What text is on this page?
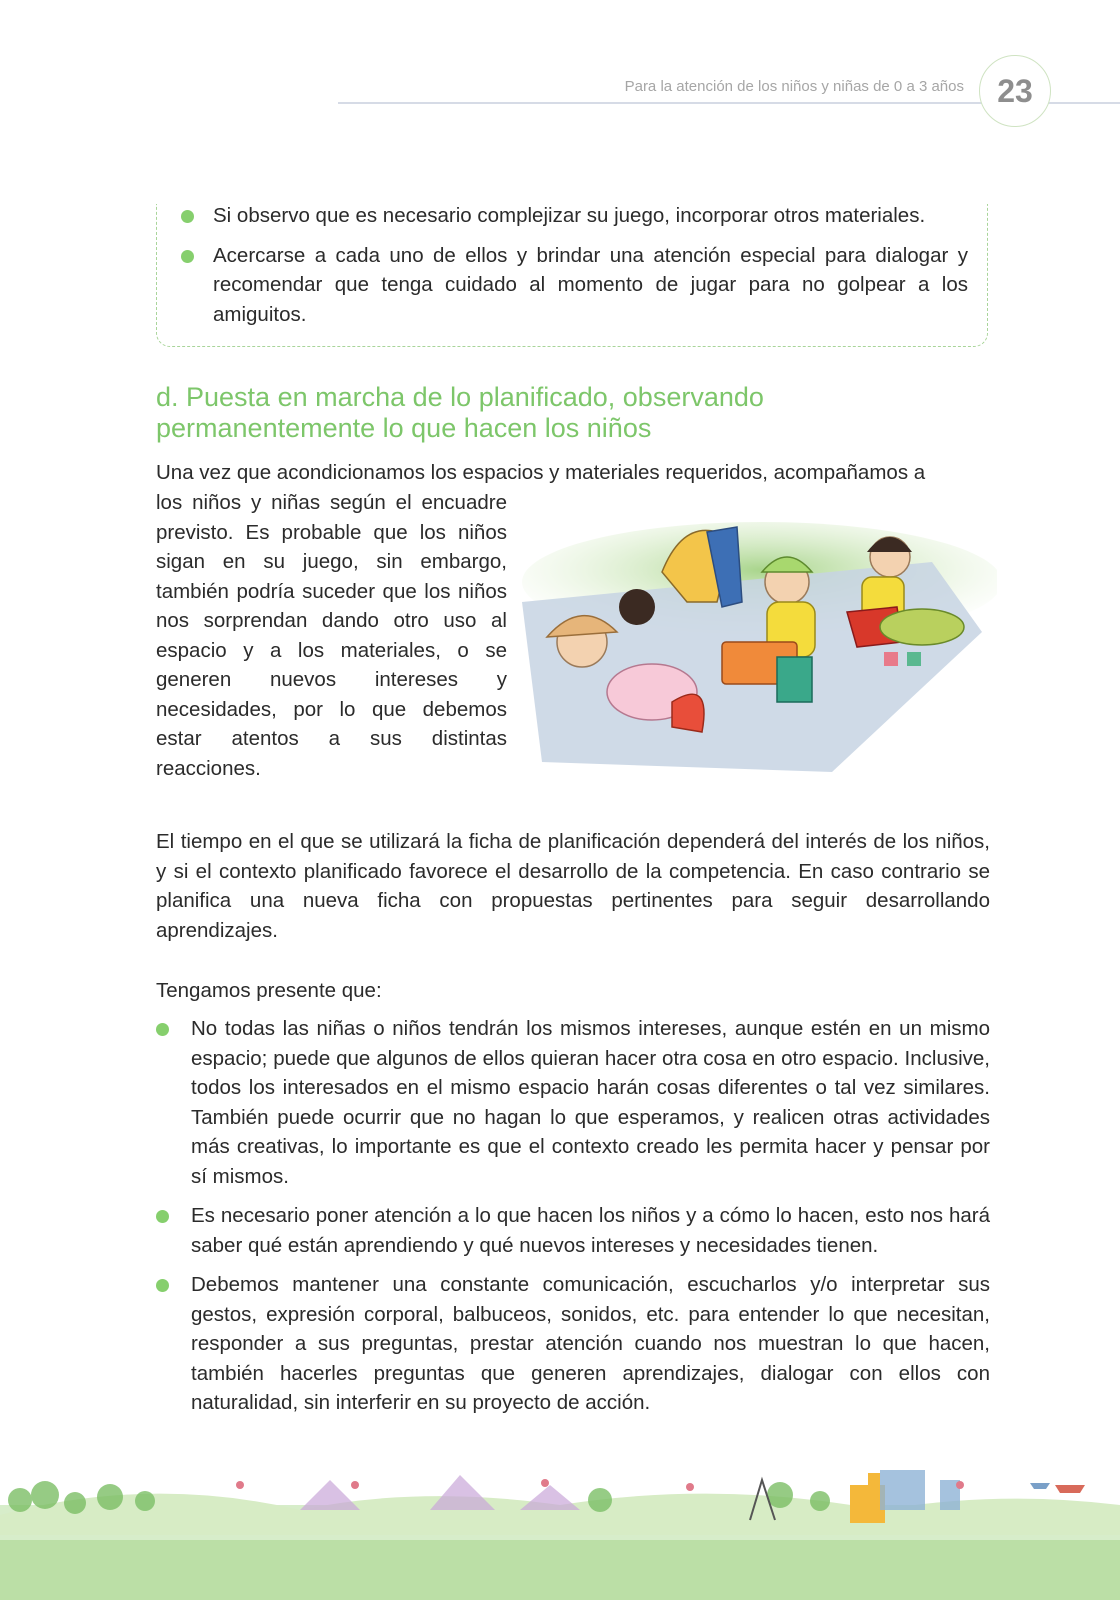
Para la atención de los niños y niñas de 0 a 3 años	23
Si observo que es necesario complejizar su juego, incorporar otros materiales.
Acercarse a cada uno de ellos y brindar una atención especial para dialogar y recomendar que tenga cuidado al momento de jugar para no golpear a los amiguitos.
d. Puesta en marcha de lo planificado, observando permanentemente lo que hacen los niños

Una vez que acondicionamos los espacios y materiales requeridos, acompañamos a

los niños y niñas según el encuadre previsto. Es probable que los niños sigan en su juego, sin embargo, también podría suceder que los niños nos sorprendan dando otro uso al espacio y a los materiales, o se generen nuevos intereses y necesidades, por lo que debemos estar atentos a sus distintas reacciones.

El tiempo en el que se utilizará la ficha de planificación dependerá del interés de los niños, y si el contexto planificado favorece el desarrollo de la competencia. En caso contrario se planifica una nueva ficha con propuestas pertinentes para seguir desarrollando aprendizajes.

Tengamos presente que:

No todas las niñas o niños tendrán los mismos intereses, aunque estén en un mismo espacio; puede que algunos de ellos quieran hacer otra cosa en otro espacio. Inclusive, todos los interesados en el mismo espacio harán cosas diferentes o tal vez similares. También puede ocurrir que no hagan lo que esperamos, y realicen otras actividades más creativas, lo importante es que el contexto creado les permita hacer y pensar por sí mismos.
Es necesario poner atención a lo que hacen los niños y a cómo lo hacen, esto nos hará saber qué están aprendiendo y qué nuevos intereses y necesidades tienen.
Debemos mantener una constante comunicación, escucharlos y/o interpretar sus gestos, expresión corporal, balbuceos, sonidos, etc. para entender lo que necesitan, responder a sus preguntas, prestar atención cuando nos muestran lo que hacen, también hacerles preguntas que generen aprendizajes, dialogar con ellos con naturalidad, sin interferir en su proyecto de acción.
